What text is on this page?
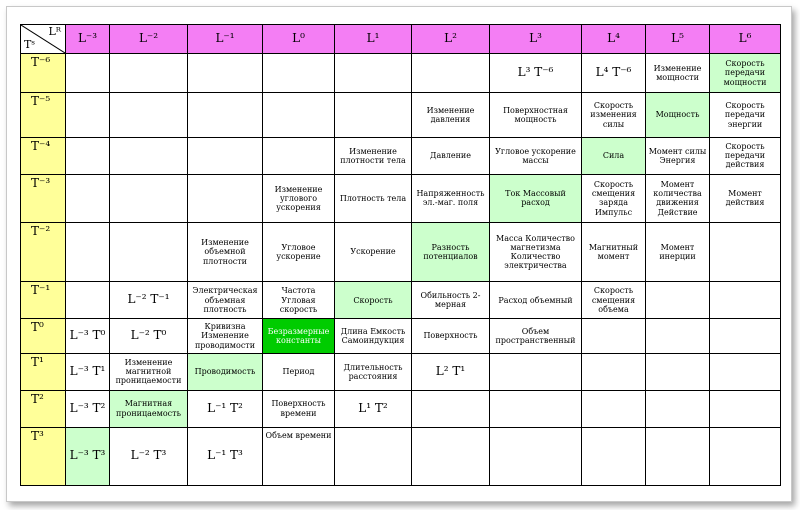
Lᴿ
Tˢ	L⁻³	L⁻²	L⁻¹	L⁰	L¹	L²	L³	L⁴	L⁵	L⁶
T⁻⁶							L³ T⁻⁶	L⁴ T⁻⁶	Изменение мощности	Скорость передачи мощности
T⁻⁵						Изменение давления	Поверхностная мощность	Скорость изменения силы	Мощность	Скорость передачи энергии
T⁻⁴					Изменение плотности тела	Давление	Угловое ускорение массы	Сила	Момент силы Энергия	Скорость передачи действия
T⁻³				Изменение углового ускорения	Плотность тела	Напряженность эл.-маг. поля	Ток Массовый расход	Скорость смещения заряда Импульс	Момент количества движения Действие	Момент действия
T⁻²			Изменение объемной плотности	Угловое ускорение	Ускорение	Разность потенциалов	Масса Количество магнетизма Количество электричества	Магнитный момент	Момент инерции	
T⁻¹		L⁻² T⁻¹	Электрическая объемная плотность	Частота Угловая скорость	Скорость	Обильность 2-мерная	Расход объемный	Скорость смещения объема		
T⁰	L⁻³ T⁰	L⁻² T⁰	Кривизна Изменение проводимости	Безразмерные константы	Длина Емкость Самоиндукция	Поверхность	Объем пространственный			
T¹	L⁻³ T¹	Изменение магнитной проницаемости	Проводимость	Период	Длительность расстояния	L² T¹				
T²	L⁻³ T²	Магнитная проницаемость	L⁻¹ T²	Поверхность времени	L¹ T²					
T³	L⁻³ T³	L⁻² T³	L⁻¹ T³	Объем времени						
